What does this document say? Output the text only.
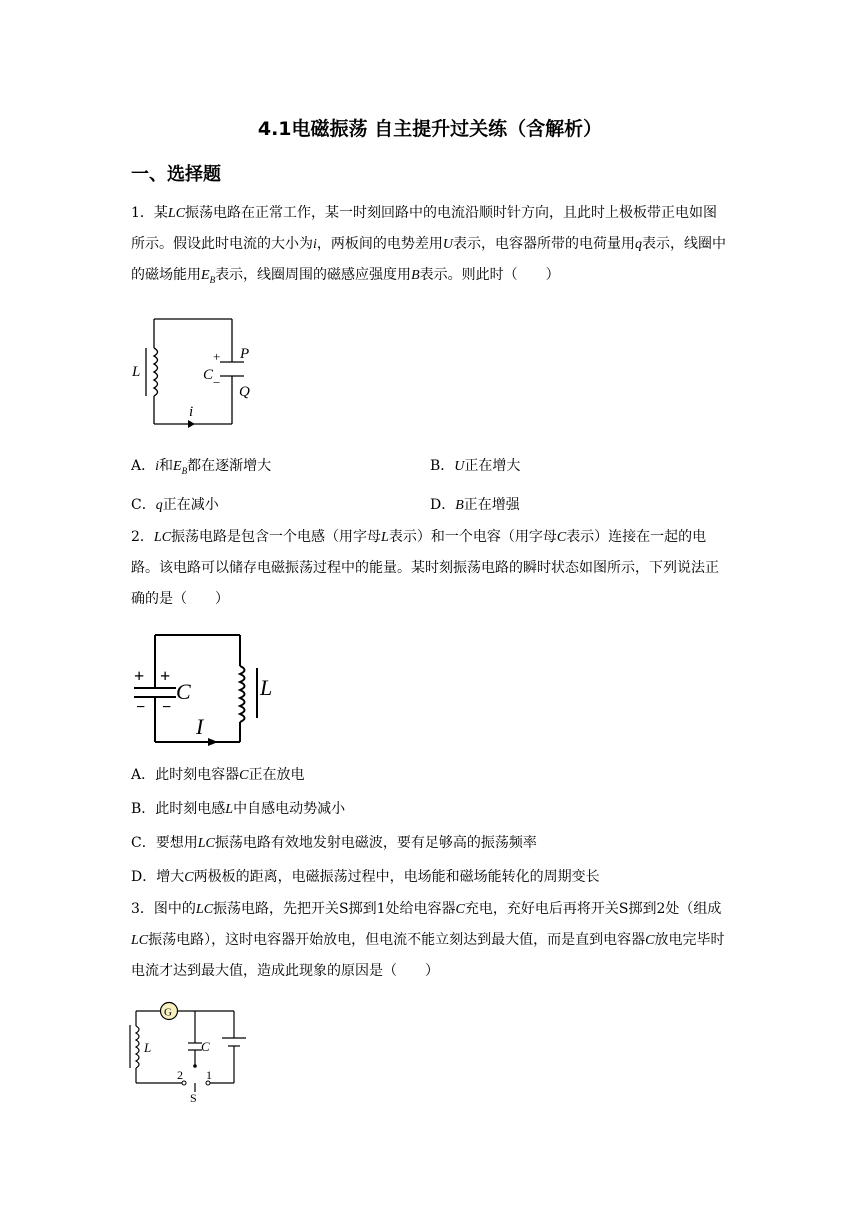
4.1电磁振荡 自主提升过关练（含解析）
一、选择题
1．某LC振荡电路在正常工作，某一时刻回路中的电流沿顺时针方向，且此时上极板带正电如图所示。假设此时电流的大小为i，两板间的电势差用U表示，电容器所带的电荷量用q表示，线圈中的磁场能用$E_B$表示，线圈周围的磁感应强度用B表示。则此时（　　）
L	C
P
Q
+
−
i
A．i和$E_B$都在逐渐增大	B．U正在增大
C．q正在减小	D．B正在增强
2．LC振荡电路是包含一个电感（用字母L表示）和一个电容（用字母C表示）连接在一起的电路。该电路可以储存电磁振荡过程中的能量。某时刻振荡电路的瞬时状态如图所示，下列说法正确的是（　　）
+ +
− −
C	L
I
A．此时刻电容器C正在放电
B．此时刻电感L中自感电动势减小
C．要想用LC振荡电路有效地发射电磁波，要有足够高的振荡频率
D．增大C两极板的距离，电磁振荡过程中，电场能和磁场能转化的周期变长
3．图中的LC振荡电路，先把开关S掷到1处给电容器C充电，充好电后再将开关S掷到2处（组成LC振荡电路），这时电容器开始放电，但电流不能立刻达到最大值，而是直到电容器C放电完毕时电流才达到最大值，造成此现象的原因是（　　）
G
L	C
2 1
S
